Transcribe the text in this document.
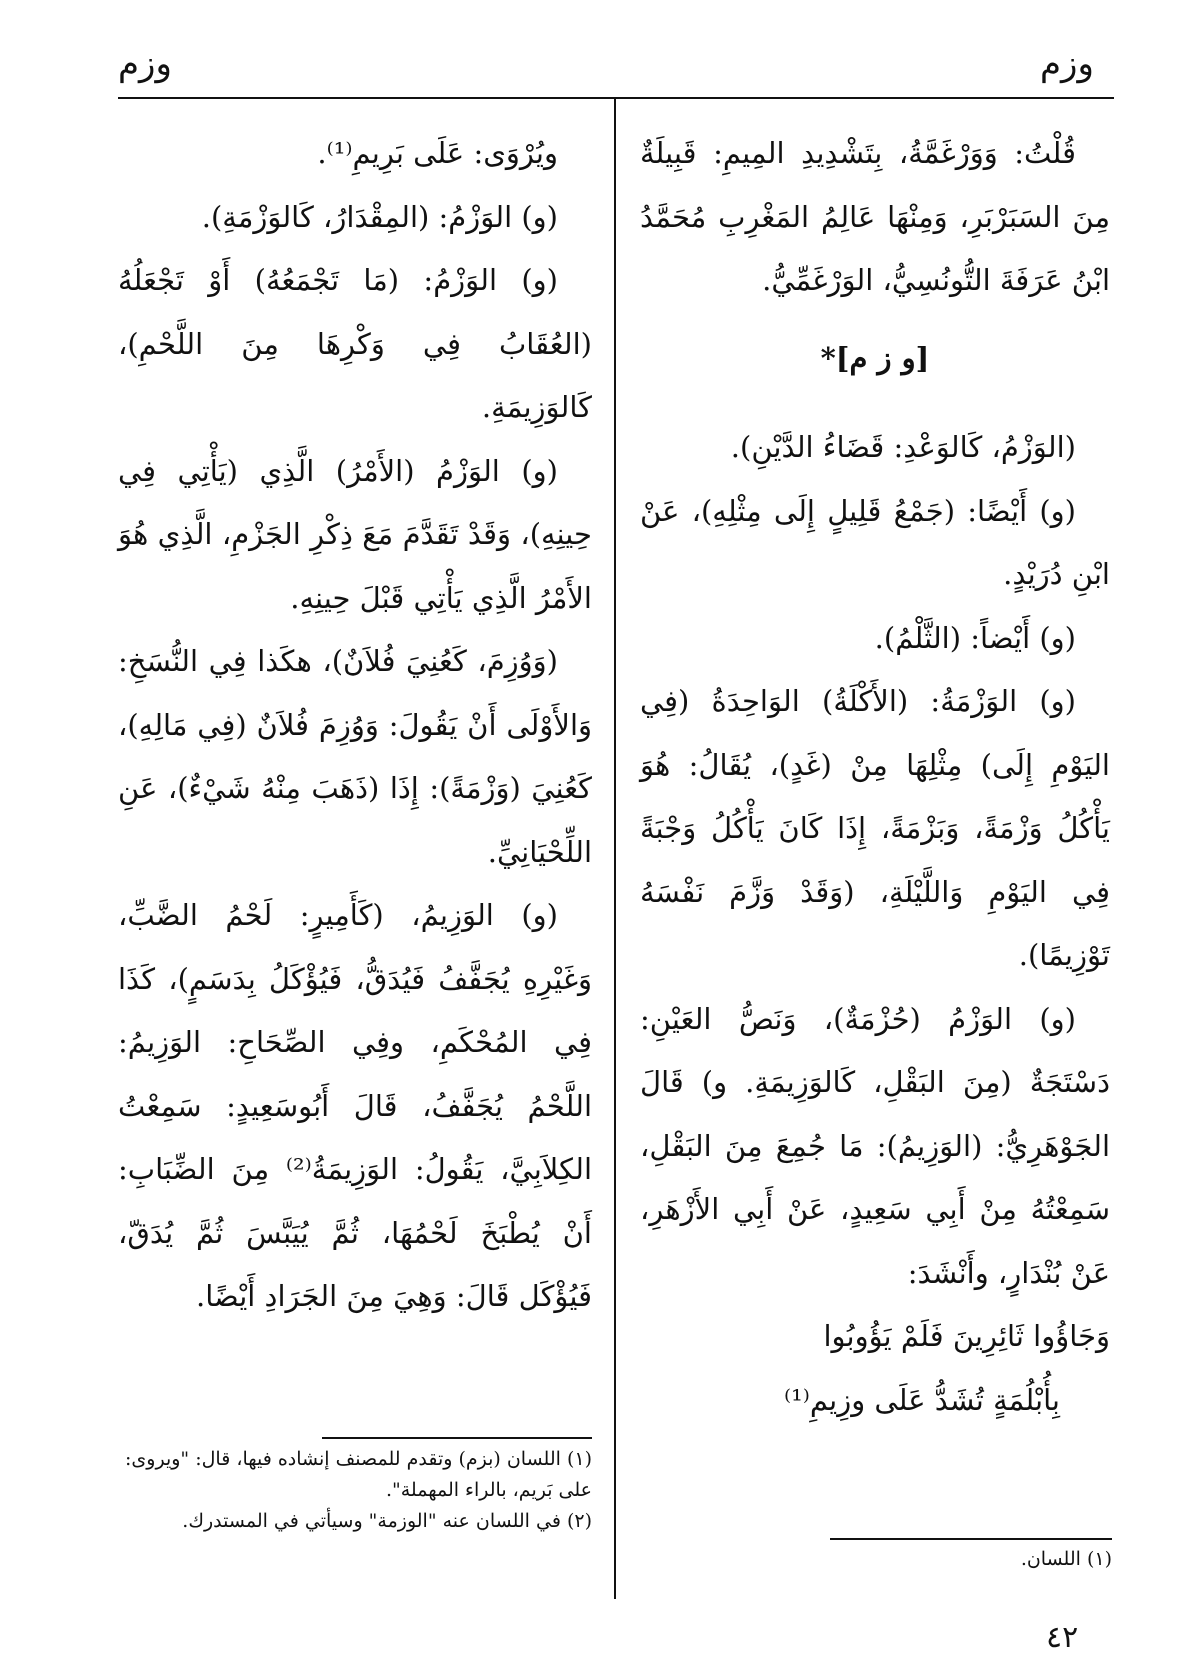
وزم	وزم

قُلْتُ: وَوَرْغَمَّةُ، بِتَشْدِيدِ المِيمِ: قَبِيلَةٌ مِنَ السَبَرْبَرِ، وَمِنْهَا عَالِمُ المَغْرِبِ مُحَمَّدُ ابْنُ عَرَفَةَ التُّونُسِيُّ، الوَرْغَمِّيُّ.

[و ز م]*

(الوَزْمُ، كَالوَعْدِ: قَضَاءُ الدَّيْنِ).

(و) أَيْضًا: (جَمْعُ قَلِيلٍ إِلَى مِثْلِهِ)، عَنْ ابْنِ دُرَيْدٍ.

(و) أَيْضاً: (الثَّلْمُ).

(و) الوَزْمَةُ: (الأَكْلَةُ) الوَاحِدَةُ (فِي اليَوْمِ إِلَى) مِثْلِهَا مِنْ (غَدٍ)، يُقَالُ: هُوَ يَأْكُلُ وَزْمَةً، وَبَزْمَةً، إِذَا كَانَ يَأْكُلُ وَجْبَةً فِي اليَوْمِ وَاللَّيْلَةِ، (وَقَدْ وَزَّمَ نَفْسَهُ تَوْزِيمًا).

(و) الوَزْمُ (حُزْمَةٌ)، وَنَصُّ العَيْنِ: دَسْتَجَةٌ (مِنَ البَقْلِ، كَالوَزِيمَةِ. و) قَالَ الجَوْهَرِيُّ: (الوَزِيمُ): مَا جُمِعَ مِنَ البَقْلِ، سَمِعْتُهُ مِنْ أَبِي سَعِيدٍ، عَنْ أَبِي الأَزْهَرِ، عَنْ بُنْدَارٍ، وأَنْشَدَ:

وَجَاؤُوا ثَائِرِينَ فَلَمْ يَؤُوبُوا

بِأُبْلُمَةٍ تُشَدُّ عَلَى وزِيمِ⁽¹⁾

ويُرْوَى: عَلَى بَرِيمِ⁽¹⁾.

(و) الوَزْمُ: (المِقْدَارُ، كَالوَزْمَةِ).

(و) الوَزْمُ: (مَا تَجْمَعُهُ) أَوْ تَجْعَلُهُ (العُقَابُ فِي وَكْرِهَا مِنَ اللَّحْمِ)، كَالوَزِيمَةِ.

(و) الوَزْمُ (الأَمْرُ) الَّذِي (يَأْتِي فِي حِينِهِ)، وَقَدْ تَقَدَّمَ مَعَ ذِكْرِ الجَزْمِ، الَّذِي هُوَ الأَمْرُ الَّذِي يَأْتِي قَبْلَ حِينِهِ.

(وَوُزِمَ، كَعُنِيَ فُلاَنٌ)، هكَذا فِي النُّسَخِ: وَالأَوْلَى أَنْ يَقُولَ: وَوُزِمَ فُلاَنٌ (فِي مَالِهِ)، كَعُنِيَ (وَزْمَةً): إِذَا (ذَهَبَ مِنْهُ شَيْءٌ)، عَنِ اللِّحْيَانِيِّ.

(و) الوَزِيمُ، (كَأَمِيرٍ: لَحْمُ الضَّبِّ، وَغَيْرِهِ يُجَفَّفُ فَيُدَقُّ، فَيُؤْكَلُ بِدَسَمٍ)، كَذَا فِي المُحْكَمِ، وفِي الصِّحَاحِ: الوَزِيمُ: اللَّحْمُ يُجَفَّفُ، قَالَ أَبُوسَعِيدٍ: سَمِعْتُ الكِلاَبِيَّ، يَقُولُ: الوَزِيمَةُ⁽²⁾ مِنَ الضِّبَابِ: أَنْ يُطْبَخَ لَحْمُهَا، ثُمَّ يُيَبَّسَ ثُمَّ يُدَقّ، فَيُؤْكَل قَالَ: وَهِيَ مِنَ الجَرَادِ أَيْضًا.

(١) اللسان (بزم) وتقدم للمصنف إنشاده فيها، قال: "ويروى: على بَريم، بالراء المهملة".

(٢) في اللسان عنه "الوزمة" وسيأتي في المستدرك.

(١) اللسان.

٤٢
